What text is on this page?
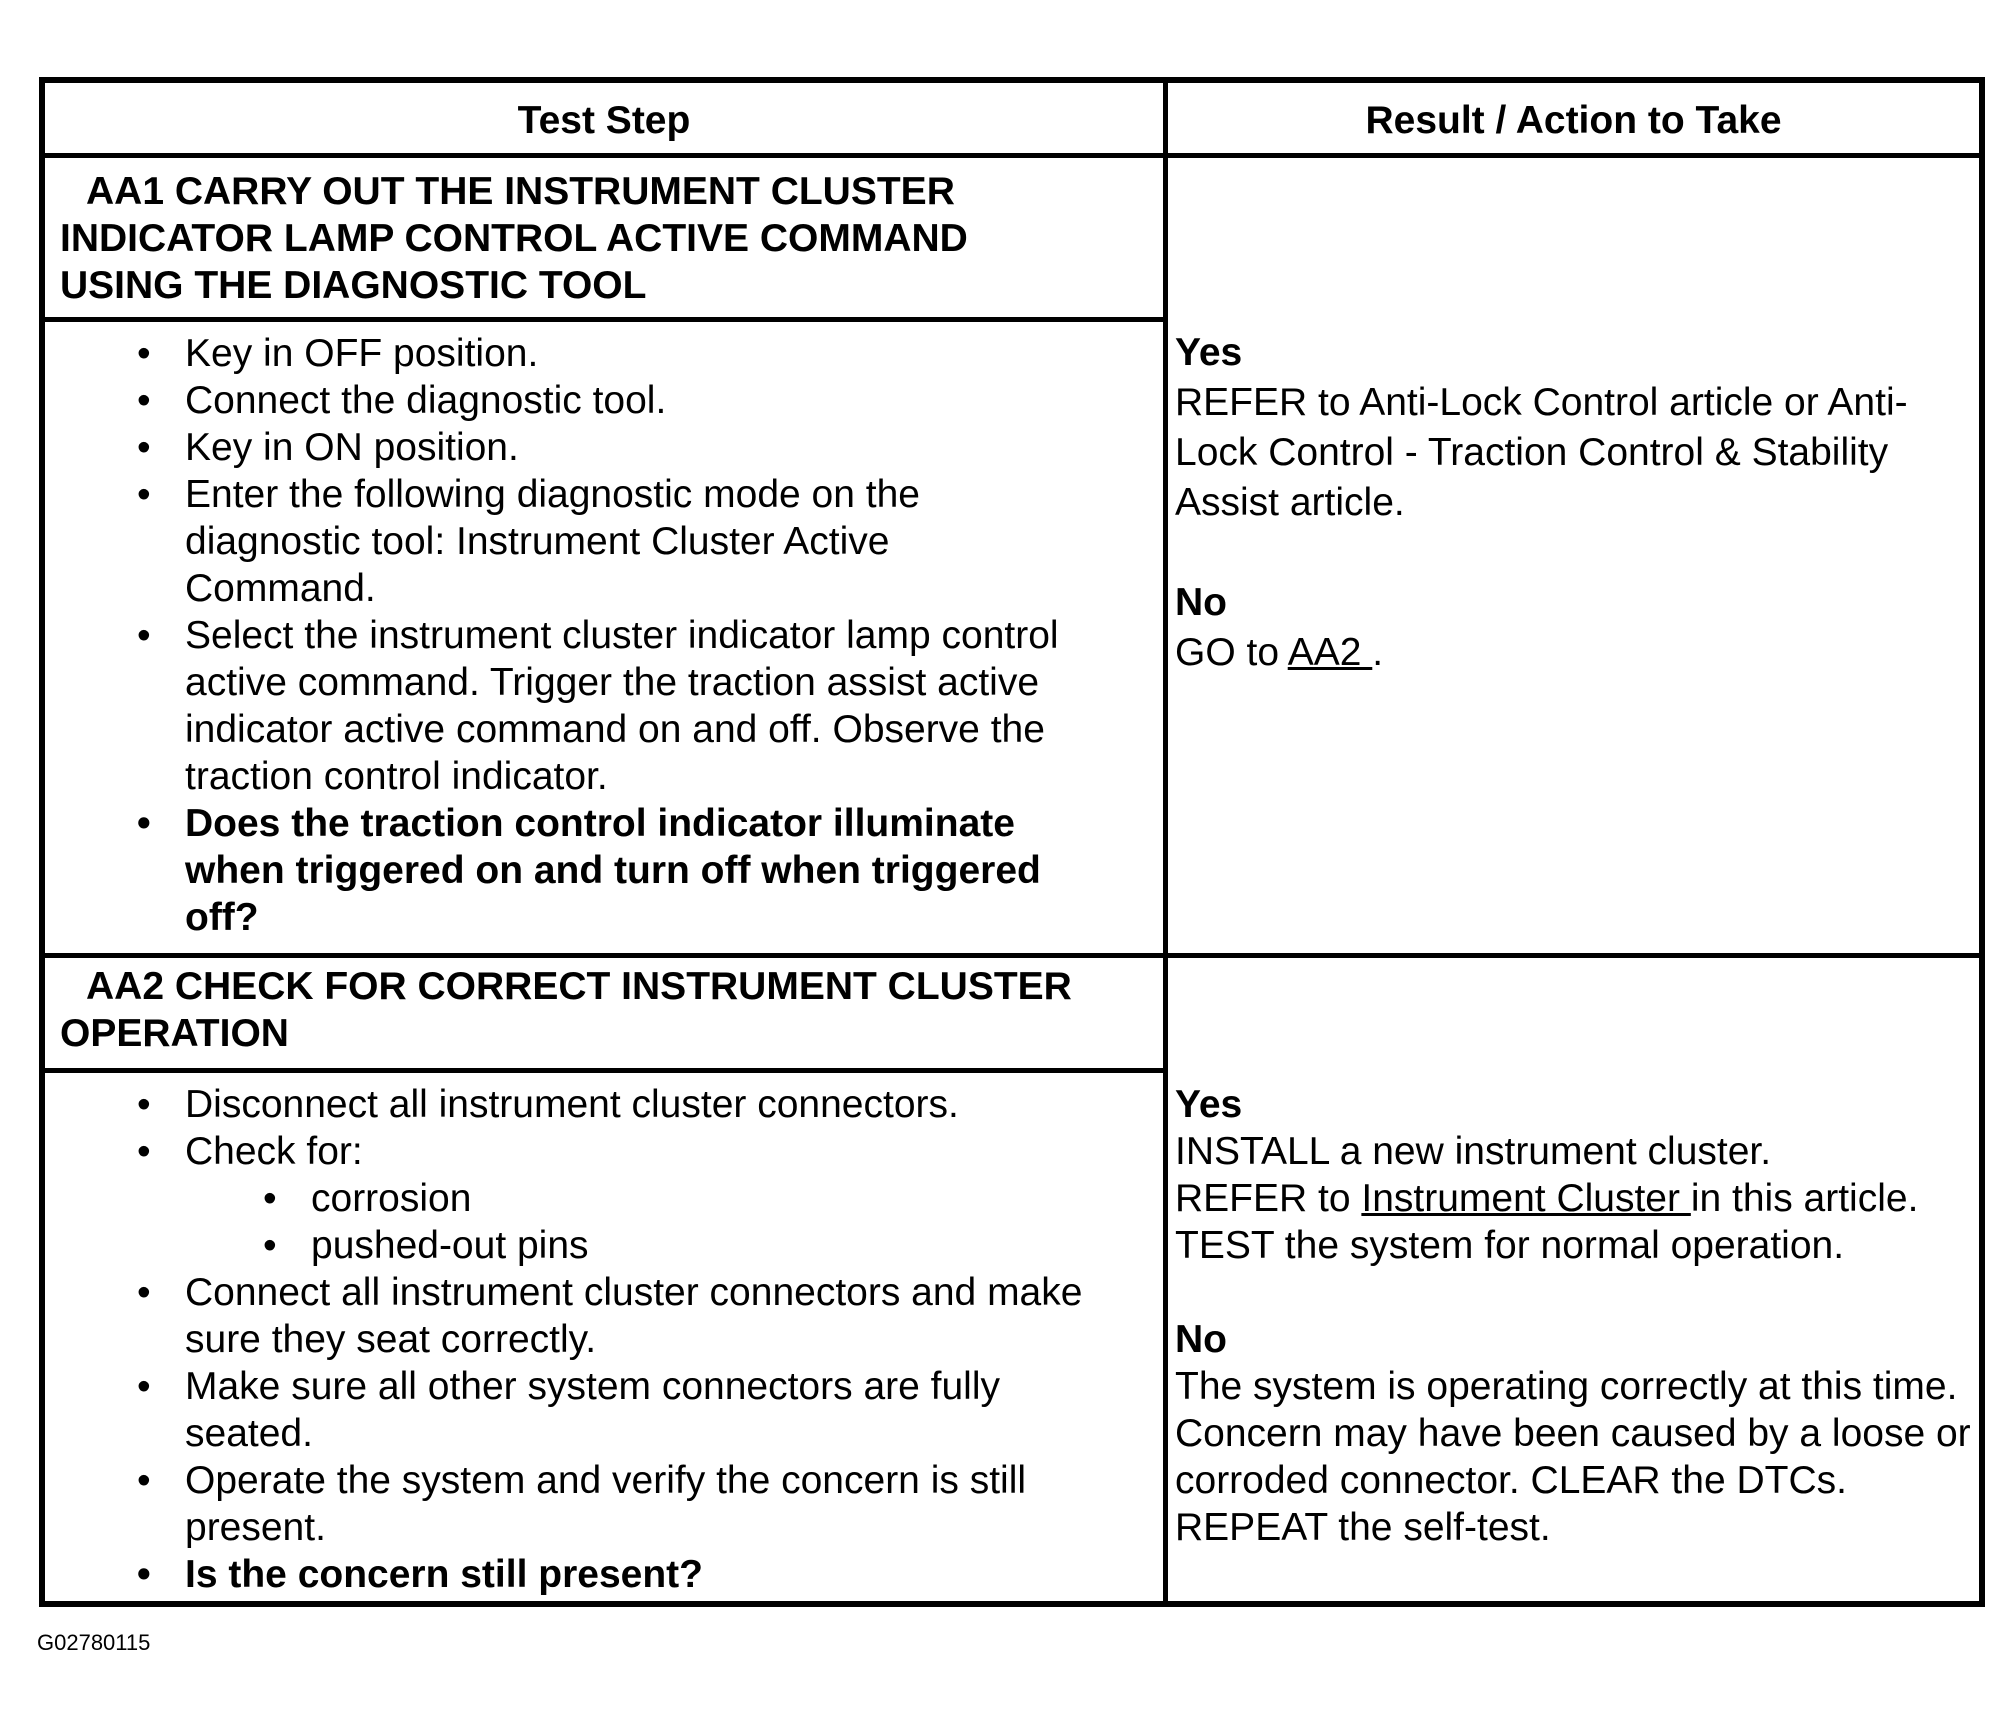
Test Step	Result / Action to Take
AA1 CARRY OUT THE INSTRUMENT CLUSTER INDICATOR LAMP CONTROL ACTIVE COMMAND USING THE DIAGNOSTIC TOOL
• Key in OFF position.
• Connect the diagnostic tool.
• Key in ON position.
• Enter the following diagnostic mode on the diagnostic tool: Instrument Cluster Active Command.
• Select the instrument cluster indicator lamp control active command. Trigger the traction assist active indicator active command on and off. Observe the traction control indicator.
• Does the traction control indicator illuminate when triggered on and turn off when triggered off?

Yes

REFER to Anti-Lock Control article or Anti-Lock Control - Traction Control & Stability Assist article.

No

GO to AA2 .

AA2 CHECK FOR CORRECT INSTRUMENT CLUSTER OPERATION
• Disconnect all instrument cluster connectors.
• Check for:
• corrosion
• pushed-out pins
• Connect all instrument cluster connectors and make sure they seat correctly.
• Make sure all other system connectors are fully seated.
• Operate the system and verify the concern is still present.
• Is the concern still present?

Yes

INSTALL a new instrument cluster.

REFER to Instrument Cluster in this article. TEST the system for normal operation.

No

The system is operating correctly at this time. Concern may have been caused by a loose or corroded connector. CLEAR the DTCs. REPEAT the self-test.

G02780115
